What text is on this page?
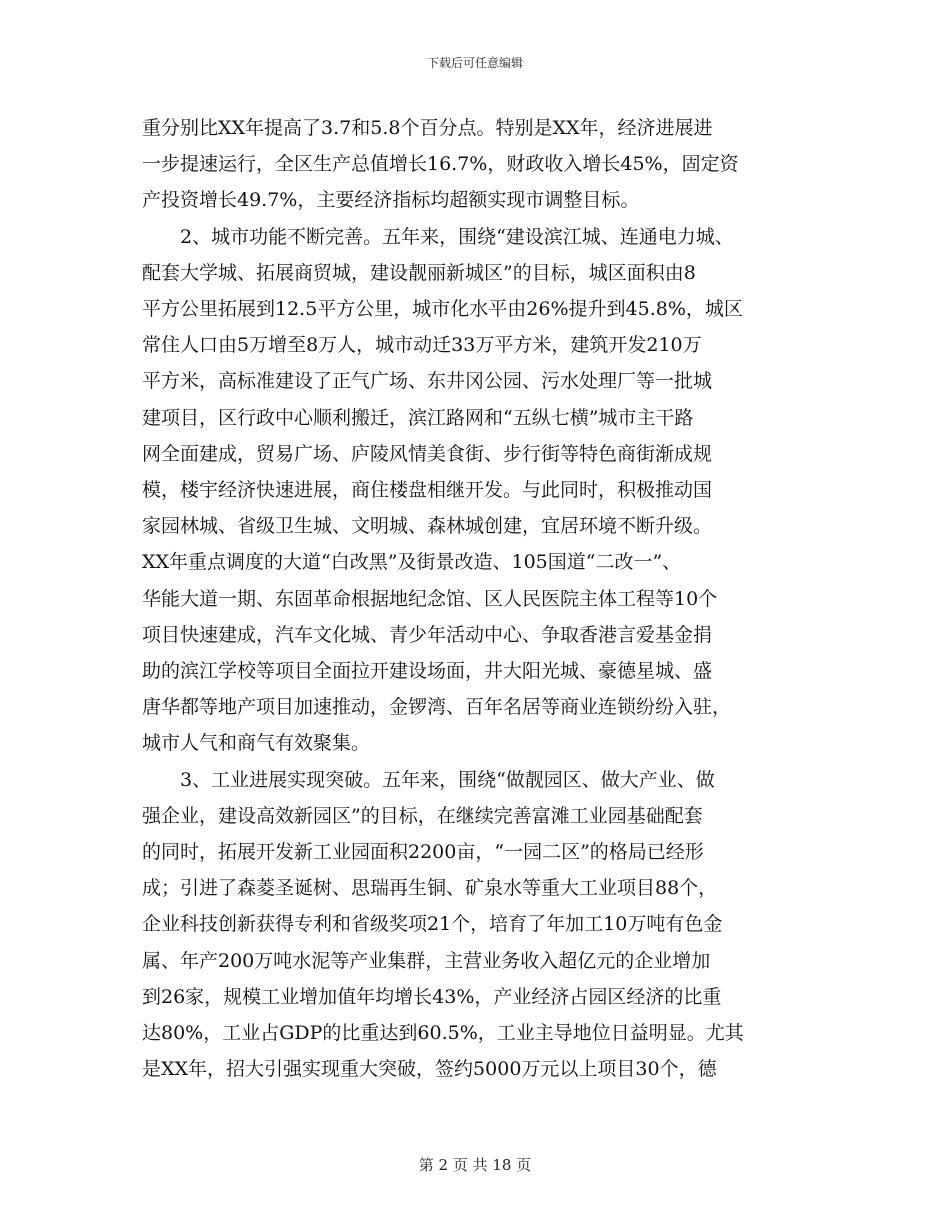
下载后可任意编辑
重分别比XX年提高了3.7和5.8个百分点。特别是XX年，经济进展进
一步提速运行，全区生产总值增长16.7%，财政收入增长45%，固定资
产投资增长49.7%，主要经济指标均超额实现市调整目标。
　　2、城市功能不断完善。五年来，围绕“建设滨江城、连通电力城、
配套大学城、拓展商贸城，建设靓丽新城区”的目标，城区面积由8
平方公里拓展到12.5平方公里，城市化水平由26%提升到45.8%，城区
常住人口由5万增至8万人，城市动迁33万平方米，建筑开发210万
平方米，高标准建设了正气广场、东井冈公园、污水处理厂等一批城
建项目，区行政中心顺利搬迁，滨江路网和“五纵七横”城市主干路
网全面建成，贸易广场、庐陵风情美食街、步行街等特色商街渐成规
模，楼宇经济快速进展，商住楼盘相继开发。与此同时，积极推动国
家园林城、省级卫生城、文明城、森林城创建，宜居环境不断升级。
XX年重点调度的大道“白改黑”及街景改造、105国道“二改一”、
华能大道一期、东固革命根据地纪念馆、区人民医院主体工程等10个
项目快速建成，汽车文化城、青少年活动中心、争取香港言爱基金捐
助的滨江学校等项目全面拉开建设场面，井大阳光城、豪德星城、盛
唐华都等地产项目加速推动，金锣湾、百年名居等商业连锁纷纷入驻，
城市人气和商气有效聚集。
　　3、工业进展实现突破。五年来，围绕“做靓园区、做大产业、做
强企业，建设高效新园区”的目标，在继续完善富滩工业园基础配套
的同时，拓展开发新工业园面积2200亩，“一园二区”的格局已经形
成；引进了森菱圣诞树、思瑞再生铜、矿泉水等重大工业项目88个，
企业科技创新获得专利和省级奖项21个，培育了年加工10万吨有色金
属、年产200万吨水泥等产业集群，主营业务收入超亿元的企业增加
到26家，规模工业增加值年均增长43%，产业经济占园区经济的比重
达80%，工业占GDP的比重达到60.5%，工业主导地位日益明显。尤其
是XX年，招大引强实现重大突破，签约5000万元以上项目30个，德
第 2 页 共 18 页
